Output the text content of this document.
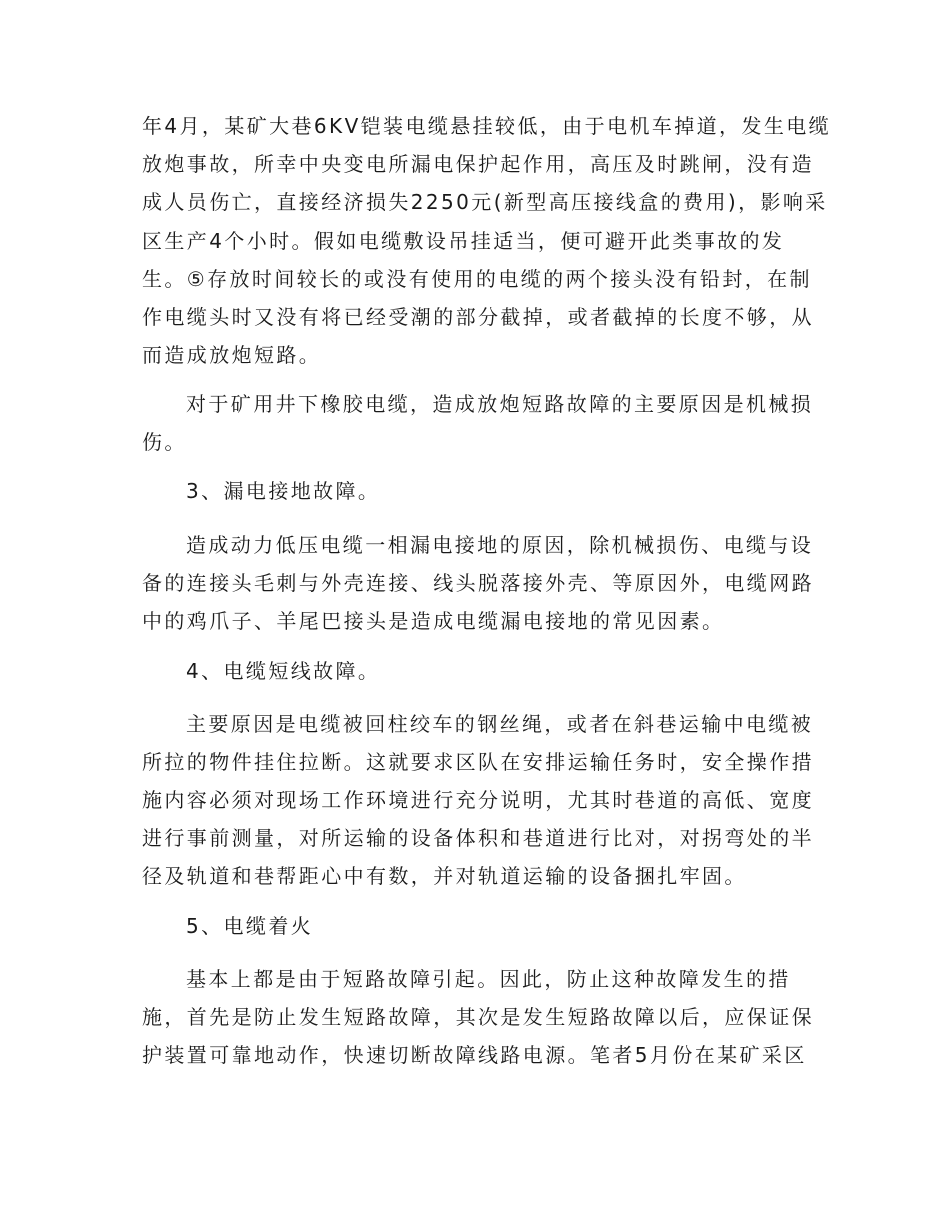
年4月，某矿大巷6KV铠装电缆悬挂较低，由于电机车掉道，发生电缆
放炮事故，所幸中央变电所漏电保护起作用，高压及时跳闸，没有造
成人员伤亡，直接经济损失2250元(新型高压接线盒的费用)，影响采
区生产4个小时。假如电缆敷设吊挂适当，便可避开此类事故的发
生。⑤存放时间较长的或没有使用的电缆的两个接头没有铅封，在制
作电缆头时又没有将已经受潮的部分截掉，或者截掉的长度不够，从
而造成放炮短路。
对于矿用井下橡胶电缆，造成放炮短路故障的主要原因是机械损
伤。
3、漏电接地故障。
造成动力低压电缆一相漏电接地的原因，除机械损伤、电缆与设
备的连接头毛刺与外壳连接、线头脱落接外壳、等原因外，电缆网路
中的鸡爪子、羊尾巴接头是造成电缆漏电接地的常见因素。
4、电缆短线故障。
主要原因是电缆被回柱绞车的钢丝绳，或者在斜巷运输中电缆被
所拉的物件挂住拉断。这就要求区队在安排运输任务时，安全操作措
施内容必须对现场工作环境进行充分说明，尤其时巷道的高低、宽度
进行事前测量，对所运输的设备体积和巷道进行比对，对拐弯处的半
径及轨道和巷帮距心中有数，并对轨道运输的设备捆扎牢固。
5、电缆着火
基本上都是由于短路故障引起。因此，防止这种故障发生的措
施，首先是防止发生短路故障，其次是发生短路故障以后，应保证保
护装置可靠地动作，快速切断故障线路电源。笔者5月份在某矿采区
